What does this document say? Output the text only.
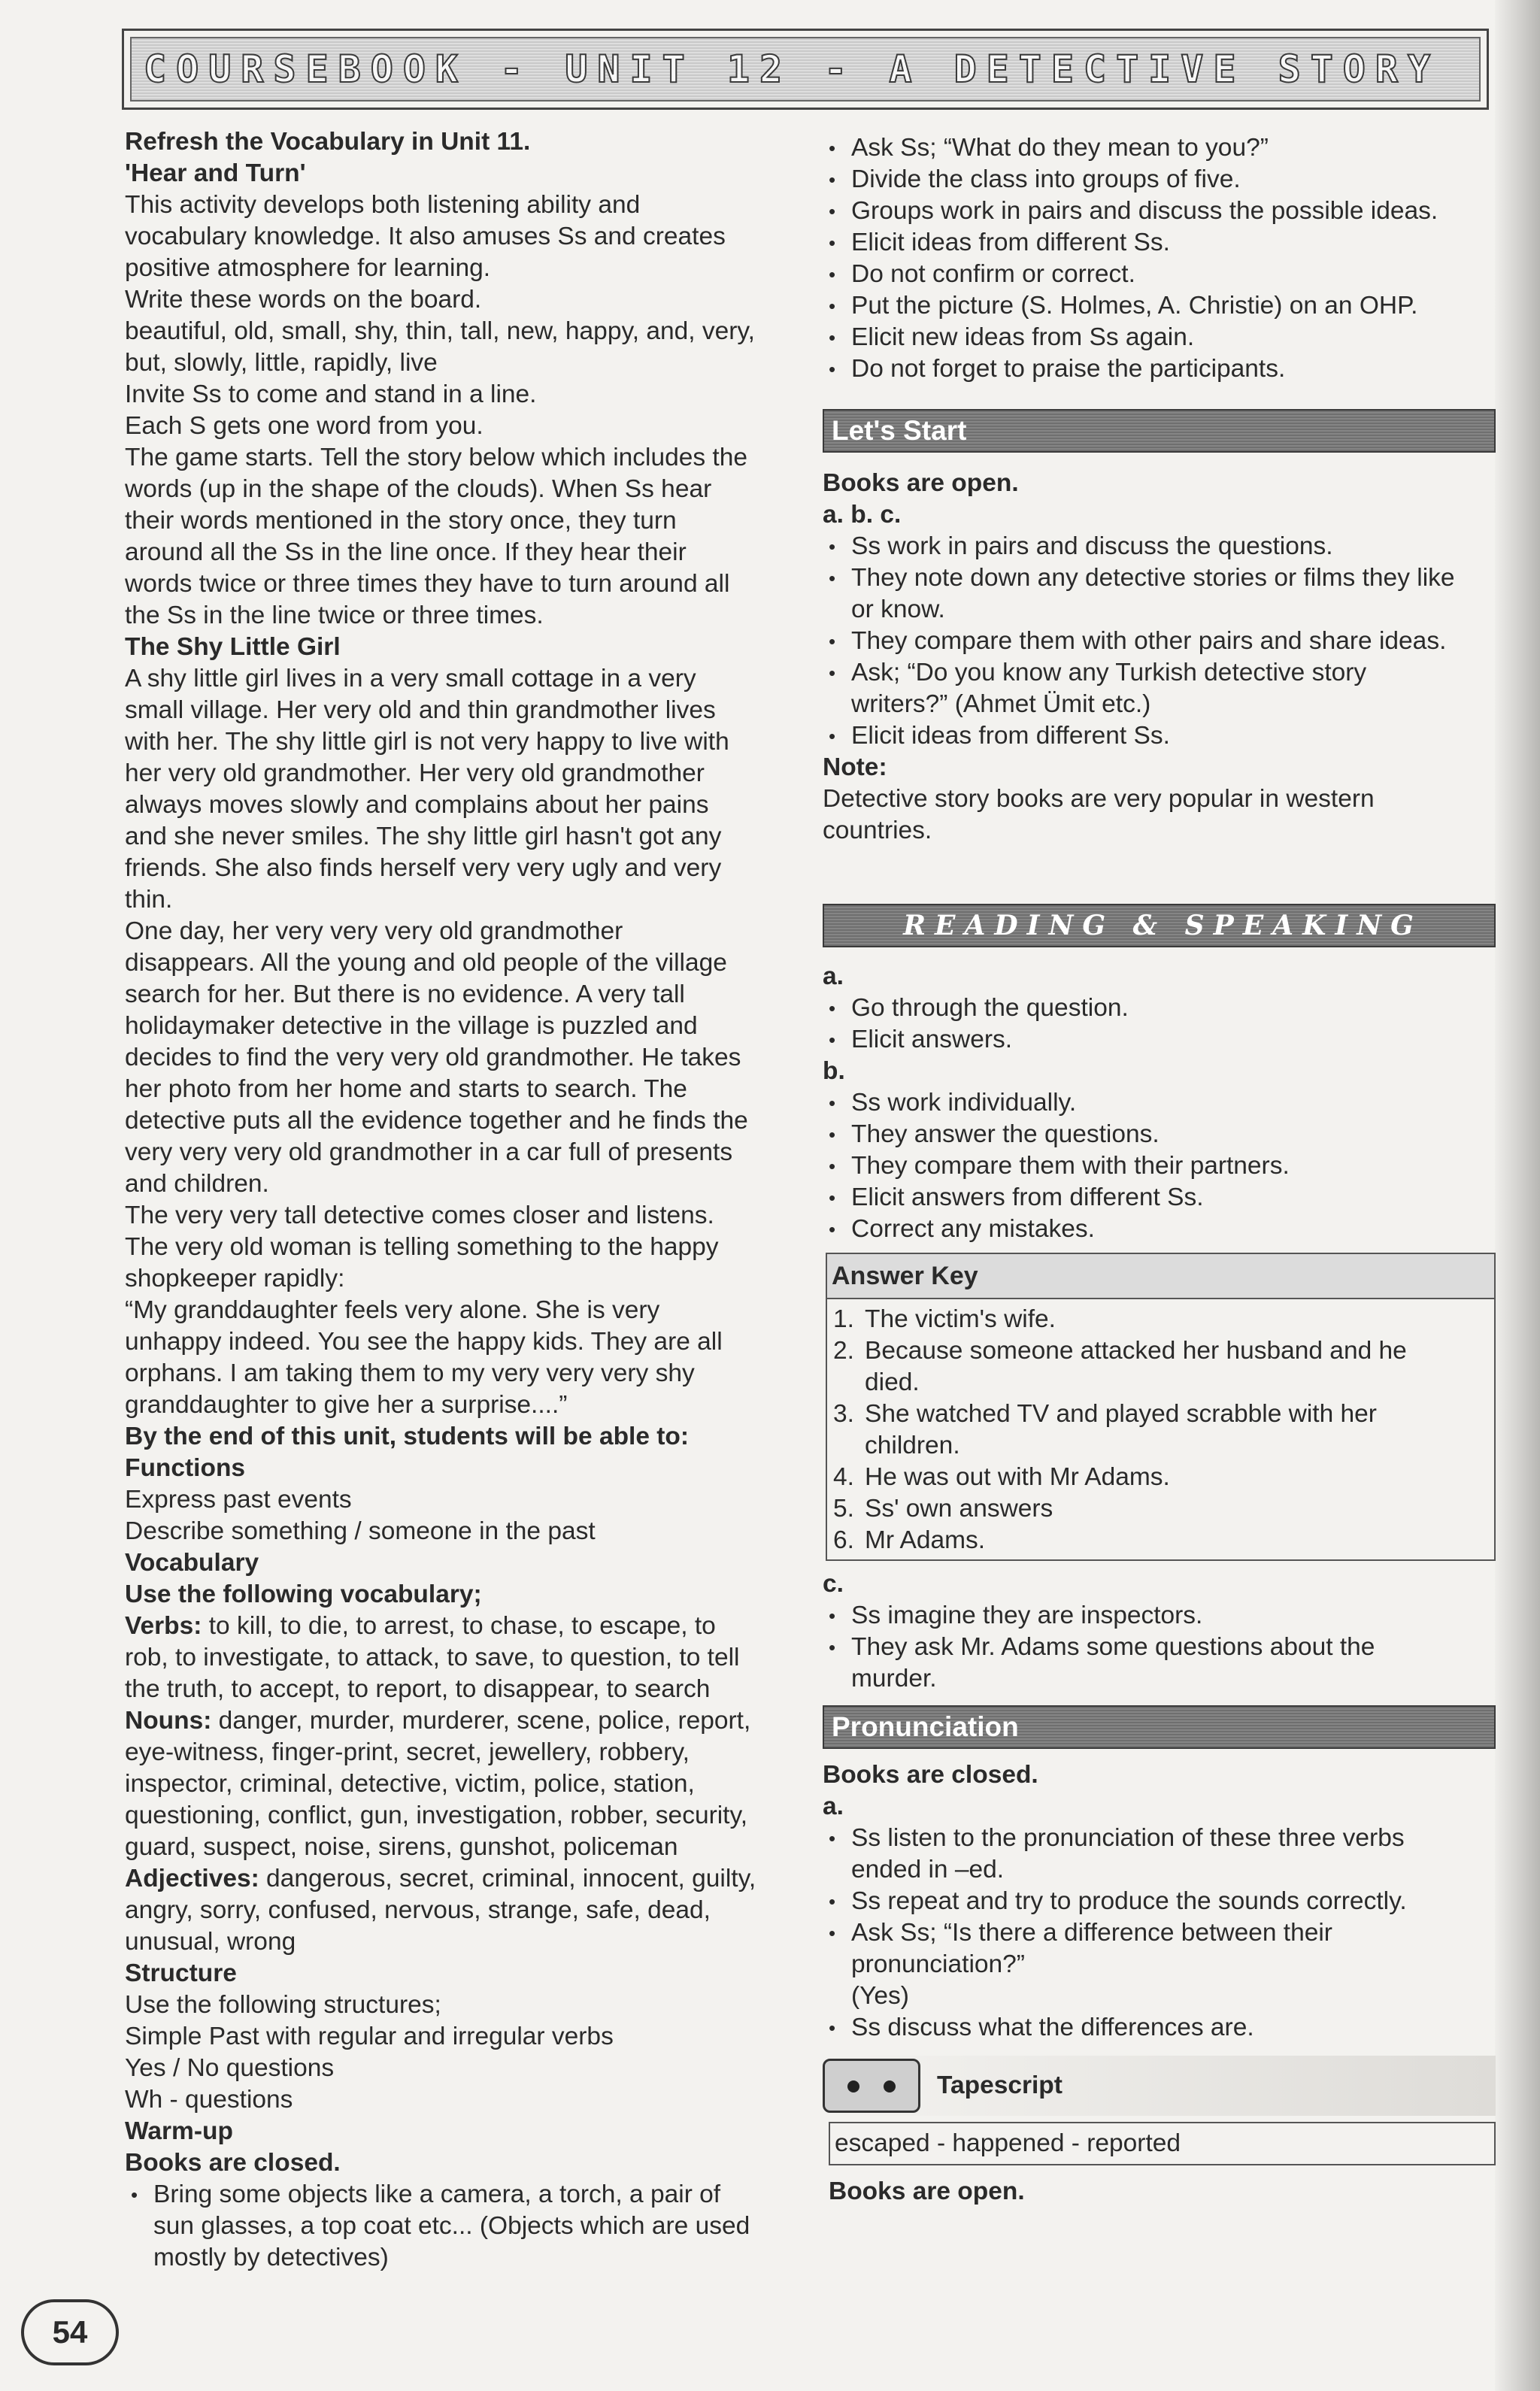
COURSEBOOK - UNIT 12 - A DETECTIVE STORY

Refresh the Vocabulary in Unit 11.

'Hear and Turn'

This activity develops both listening ability and

vocabulary knowledge. It also amuses Ss and creates

positive atmosphere for learning.

Write these words on the board.

beautiful, old, small, shy, thin, tall, new, happy, and, very,

but, slowly, little, rapidly, live

Invite Ss to come and stand in a line.

Each S gets one word from you.

The game starts. Tell the story below which includes the

words (up in the shape of the clouds). When Ss hear

their words mentioned in the story once, they turn

around all the Ss in the line once. If they hear their

words twice or three times they have to turn around all

the Ss in the line twice or three times.

The Shy Little Girl

A shy little girl lives in a very small cottage in a very

small village. Her very old and thin grandmother lives

with her. The shy little girl is not very happy to live with

her very old grandmother. Her very old grandmother

always moves slowly and complains about her pains

and she never smiles. The shy little girl hasn't got any

friends. She also finds herself very very ugly and very

thin.

One day, her very very very old grandmother

disappears. All the young and old people of the village

search for her. But there is no evidence. A very tall

holidaymaker detective in the village is puzzled and

decides to find the very very old grandmother. He takes

her photo from her home and starts to search. The

detective puts all the evidence together and he finds the

very very very old grandmother in a car full of presents

and children.

The very very tall detective comes closer and listens.

The very old woman is telling something to the happy

shopkeeper rapidly:

“My granddaughter feels very alone. She is very

unhappy indeed. You see the happy kids. They are all

orphans. I am taking them to my very very very shy

granddaughter to give her a surprise....”

By the end of this unit, students will be able to:

Functions

Express past events

Describe something / someone in the past

Vocabulary

Use the following vocabulary;

Verbs: to kill, to die, to arrest, to chase, to escape, to

rob, to investigate, to attack, to save, to question, to tell

the truth, to accept, to report, to disappear, to search

Nouns: danger, murder, murderer, scene, police, report,

eye-witness, finger-print, secret, jewellery, robbery,

inspector, criminal, detective, victim, police, station,

questioning, conflict, gun, investigation, robber, security,

guard, suspect, noise, sirens, gunshot, policeman

Adjectives: dangerous, secret, criminal, innocent, guilty,

angry, sorry, confused, nervous, strange, safe, dead,

unusual, wrong

Structure

Use the following structures;

Simple Past with regular and irregular verbs

Yes / No questions

Wh - questions

Warm-up

Books are closed.

• Bring some objects like a camera, a torch, a pair of
sun glasses, a top coat etc... (Objects which are used
mostly by detectives)

• Ask Ss; “What do they mean to you?”

• Divide the class into groups of five.

• Groups work in pairs and discuss the possible ideas.

• Elicit ideas from different Ss.

• Do not confirm or correct.

• Put the picture (S. Holmes, A. Christie) on an OHP.

• Elicit new ideas from Ss again.

• Do not forget to praise the participants.

Let's Start

Books are open.

a. b. c.

• Ss work in pairs and discuss the questions.
• They note down any detective stories or films they like
or know.
• They compare them with other pairs and share ideas.
• Ask; “Do you know any Turkish detective story
writers?” (Ahmet Ümit etc.)
• Elicit ideas from different Ss.

Note:

Detective story books are very popular in western

countries.

READING & SPEAKING

a.

• Go through the question.

• Elicit answers.

b.

• Ss work individually.

• They answer the questions.

• They compare them with their partners.

• Elicit answers from different Ss.

• Correct any mistakes.

Answer Key
1. The victim's wife.
2. Because someone attacked her husband and he
died.
3. She watched TV and played scrabble with her
children.
4. He was out with Mr Adams.
5. Ss' own answers
6. Mr Adams.

c.

• Ss imagine they are inspectors.
• They ask Mr. Adams some questions about the
murder.
Pronunciation

Books are closed.

a.

• Ss listen to the pronunciation of these three verbs
ended in –ed.
• Ss repeat and try to produce the sounds correctly.
• Ask Ss; “Is there a difference between their
pronunciation?”
(Yes)
• Ss discuss what the differences are.
Tapescript
escaped - happened - reported

Books are open.

54
